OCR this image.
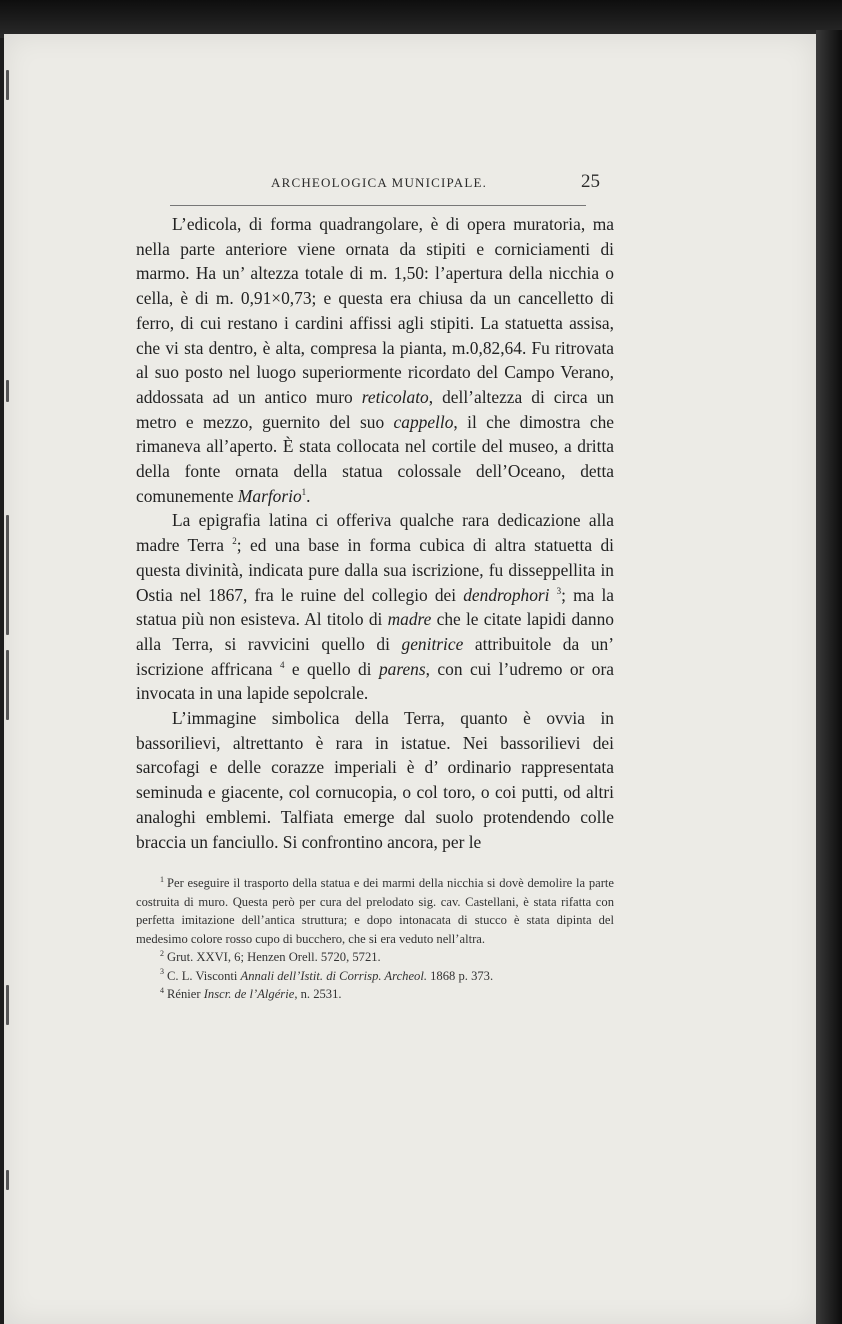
ARCHEOLOGICA MUNICIPALE.	25

L’edicola, di forma quadrangolare, è di opera muratoria, ma nella parte anteriore viene ornata da stipiti e corniciamenti di marmo. Ha un’ altezza totale di m. 1,50: l’apertura della nicchia o cella, è di m. 0,91×0,73; e questa era chiusa da un cancelletto di ferro, di cui restano i cardini affissi agli stipiti. La statuetta assisa, che vi sta dentro, è alta, compresa la pianta, m.0,82,64. Fu ritrovata al suo posto nel luogo superiormente ricordato del Campo Verano, addossata ad un antico muro reticolato, dell’altezza di circa un metro e mezzo, guernito del suo cappello, il che dimostra che rimaneva all’aperto. È stata collocata nel cortile del museo, a dritta della fonte ornata della statua colossale dell’Oceano, detta comunemente Marforio$^1$.

La epigrafia latina ci offeriva qualche rara dedicazione alla madre Terra $^2$; ed una base in forma cubica di altra statuetta di questa divinità, indicata pure dalla sua iscrizione, fu disseppellita in Ostia nel 1867, fra le ruine del collegio dei dendrophori $^3$; ma la statua più non esisteva. Al titolo di madre che le citate lapidi danno alla Terra, si ravvicini quello di genitrice attribuitole da un’ iscrizione affricana $^4$ e quello di parens, con cui l’udremo or ora invocata in una lapide sepolcrale.

L’immagine simbolica della Terra, quanto è ovvia in bassorilievi, altrettanto è rara in istatue. Nei bassorilievi dei sarcofagi e delle corazze imperiali è d’ ordinario rappresentata seminuda e giacente, col cornucopia, o col toro, o coi putti, od altri analoghi emblemi. Talfiata emerge dal suolo protendendo colle braccia un fanciullo. Si confrontino ancora, per le

$^1$ Per eseguire il trasporto della statua e dei marmi della nicchia si dovè demolire la parte costruita di muro. Questa però per cura del prelodato sig. cav. Castellani, è stata rifatta con perfetta imitazione dell’antica struttura; e dopo intonacata di stucco è stata dipinta del medesimo colore rosso cupo di bucchero, che si era veduto nell’altra.

$^2$ Grut. XXVI, 6; Henzen Orell. 5720, 5721.

$^3$ C. L. Visconti Annali dell’Istit. di Corrisp. Archeol. 1868 p. 373.

$^4$ Rénier Inscr. de l’Algérie, n. 2531.
